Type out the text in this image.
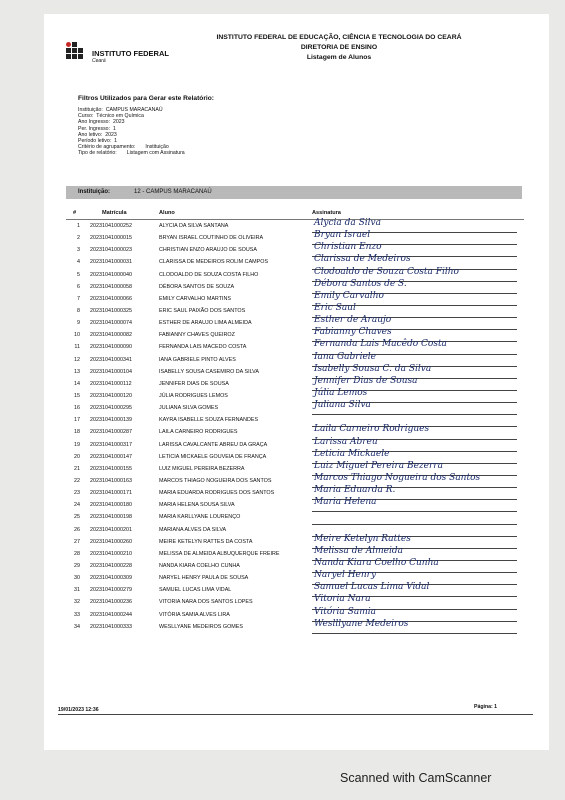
INSTITUTO FEDERAL
Ceará
INSTITUTO FEDERAL DE EDUCAÇÃO, CIÊNCIA E TECNOLOGIA DO CEARÁ
DIRETORIA DE ENSINO
Listagem de Alunos
Filtros Utilizados para Gerar este Relatório:
Instituição: CAMPUS MARACANAÚ
Curso: Técnico em Química
Ano Ingresso: 2023
Per. Ingresso: 1
Ano letivo: 2023
Período letivo: 1
Critério de agrupamento: Instituição
Tipo de relatório: Listagem com Assinatura
Instituição:	12 - CAMPUS MARACANAÚ
#	Matrícula	Aluno	Assinatura
1 20231041000252	ALYCIA DA SILVA SANTANA	Alycia da Silva
2 20231041000015	BRYAN ISRAEL COUTINHO DE OLIVEIRA	Bryan Israel
3 20231041000023	CHRISTIAN ENZO ARAUJO DE SOUSA	Christian Enzo
4 20231041000031	CLARISSA DE MEDEIROS ROLIM CAMPOS	Clarissa de Medeiros
5 20231041000040	CLODOALDO DE SOUZA COSTA FILHO	Clodoaldo de Souza Costa Filho
6 20231041000058	DÉBORA SANTOS DE SOUZA	Débora Santos de S.
7 20231041000066	EMILY CARVALHO MARTINS	Emily Carvalho
8 20231041000325	ERIC SAUL PAIXÃO DOS SANTOS	Eric Saul
9 20231041000074	ESTHER DE ARAUJO LIMA ALMEIDA	Esther de Araujo
10 20231041000082	FABIANNY CHAVES QUEIROZ	Fabianny Chaves
11 20231041000090	FERNANDA LAIS MACEDO COSTA	Fernanda Lais Macêdo Costa
12 20231041000341	IANA GABRIELE PINTO ALVES	Iana Gabriele
13 20231041000104	ISABELLY SOUSA CASEMIRO DA SILVA	Isabelly Sousa C. da Silva
14 20231041000112	JENNIFER DIAS DE SOUSA	Jennifer Dias de Sousa
15 20231041000120	JÚLIA RODRIGUES LEMOS	Júlia Lemos
16 20231041000295	JULIANA SILVA GOMES	Juliana Silva
17 20231041000139	KAYRA ISABELLE SOUZA FERNANDES
18 20231041000287	LAILA CARNEIRO RODRIGUES	Laila Carneiro Rodrigues
19 20231041000317	LARISSA CAVALCANTE ABREU DA GRAÇA	Larissa Abreu
20 20231041000147	LETICIA MICKAELE GOUVEIA DE FRANÇA	Leticia Mickaele
21 20231041000155	LUIZ MIGUEL PEREIRA BEZERRA	Luiz Miguel Pereira Bezerra
22 20231041000163	MARCOS THIAGO NOGUEIRA DOS SANTOS	Marcos Thiago Nogueira dos Santos
23 20231041000171	MARIA EDUARDA RODRIGUES DOS SANTOS	Maria Eduarda R.
24 20231041000180	MARIA HELENA SOUSA SILVA	Maria Helena
25 20231041000198	MARIA KARLLYANE LOURENÇO
26 20231041000201	MARIANA ALVES DA SILVA
27 20231041000260	MEIRE KETELYN RATTES DA COSTA	Meire Ketelyn Rattes
28 20231041000210	MELISSA DE ALMEIDA ALBUQUERQUE FREIRE	Melissa de Almeida
29 20231041000228	NANDA KIARA COELHO CUNHA	Nanda Kiara Coelho Cunha
30 20231041000309	NARYEL HENRY PAULA DE SOUSA	Naryel Henry
31 20231041000279	SAMUEL LUCAS LIMA VIDAL	Samuel Lucas Lima Vidal
32 20231041000236	VITORIA NARA DOS SANTOS LOPES	Vitoria Nara
33 20231041000244	VITÓRIA SAMIA ALVES LIRA	Vitória Samia
34 20231041000333	WESLLYANE MEDEIROS GOMES	Weslllyane Medeiros
19/01/2023 12:36	Página: 1
Scanned with CamScanner
